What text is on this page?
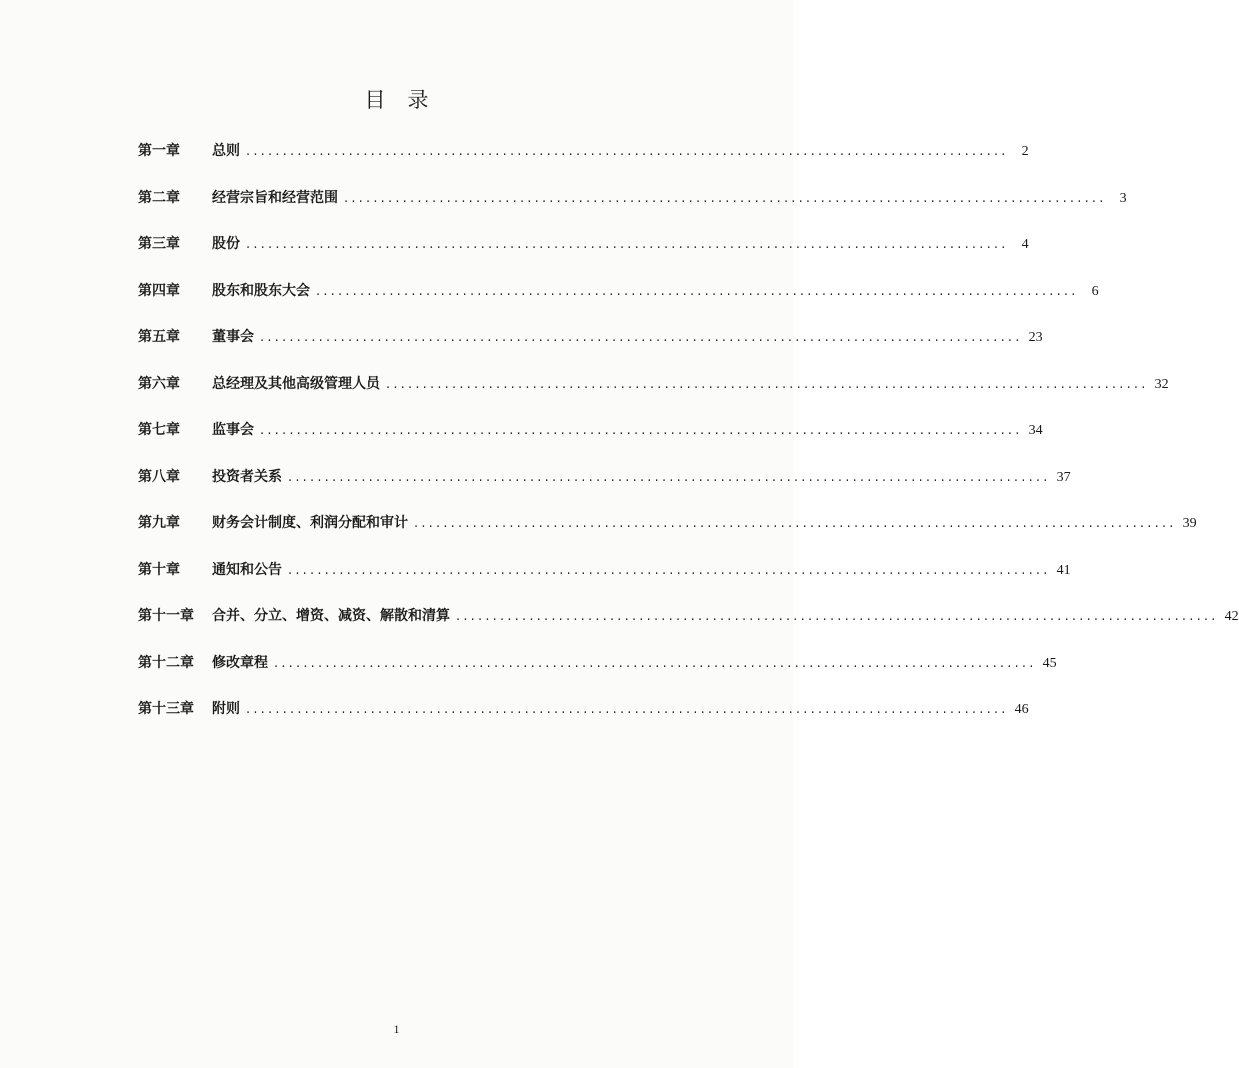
目录
第一章	总则 ........................................................................................................ 2
第二章	经营宗旨和经营范围 ........................................................................................................ 3
第三章	股份 ........................................................................................................ 4
第四章	股东和股东大会 ........................................................................................................ 6
第五章	董事会 ........................................................................................................ 23
第六章	总经理及其他高级管理人员 ........................................................................................................ 32
第七章	监事会 ........................................................................................................ 34
第八章	投资者关系 ........................................................................................................ 37
第九章	财务会计制度、利润分配和审计 ........................................................................................................ 39
第十章	通知和公告 ........................................................................................................ 41
第十一章	合并、分立、增资、减资、解散和清算 ........................................................................................................ 42
第十二章	修改章程 ........................................................................................................ 45
第十三章	附则 ........................................................................................................ 46
1
